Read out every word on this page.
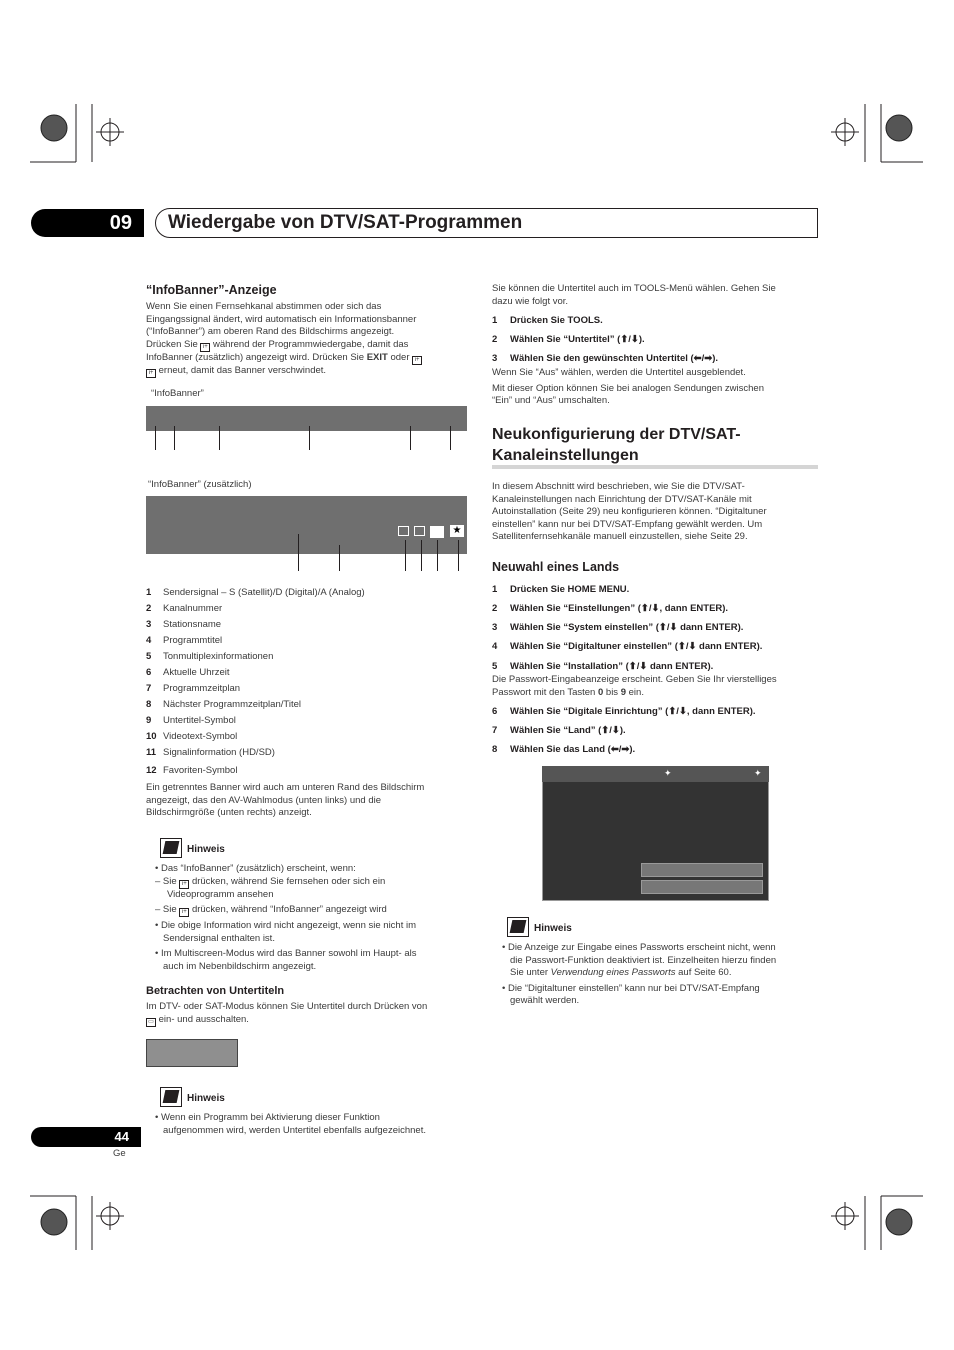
09	Wiedergabe von DTV/SAT-Programmen
“InfoBanner”-Anzeige
Wenn Sie einen Fernsehkanal abstimmen oder sich das
Eingangssignal ändert, wird automatisch ein Informationsbanner
(“InfoBanner”) am oberen Rand des Bildschirms angezeigt.
Drücken Sie i+ während der Programmwiedergabe, damit das
InfoBanner (zusätzlich) angezeigt wird. Drücken Sie EXIT oder i+
i+ erneut, damit das Banner verschwindet.
“InfoBanner”
“InfoBanner” (zusätzlich)
★
1 Sendersignal – S (Satellit)/D (Digital)/A (Analog)
2 Kanalnummer
3 Stationsname
4 Programmtitel
5 Tonmultiplexinformationen
6 Aktuelle Uhrzeit
7 Programmzeitplan
8 Nächster Programmzeitplan/Titel
9 Untertitel-Symbol
10 Videotext-Symbol
11 Signalinformation (HD/SD)
12 Favoriten-Symbol
Ein getrenntes Banner wird auch am unteren Rand des Bildschirm
angezeigt, das den AV-Wahlmodus (unten links) und die
Bildschirmgröße (unten rechts) anzeigt.
Hinweis
• Das “InfoBanner” (zusätzlich) erscheint, wenn:
– Sie i+ drücken, während Sie fernsehen oder sich ein
Videoprogramm ansehen
– Sie i+ drücken, während “InfoBanner” angezeigt wird
• Die obige Information wird nicht angezeigt, wenn sie nicht im
Sendersignal enthalten ist.
• Im Multiscreen-Modus wird das Banner sowohl im Haupt- als
auch im Nebenbildschirm angezeigt.
Betrachten von Untertiteln
Im DTV- oder SAT-Modus können Sie Untertitel durch Drücken von
▭ ein- und ausschalten.
Hinweis
• Wenn ein Programm bei Aktivierung dieser Funktion
aufgenommen wird, werden Untertitel ebenfalls aufgezeichnet.
Sie können die Untertitel auch im TOOLS-Menü wählen. Gehen Sie
dazu wie folgt vor.
1 Drücken Sie TOOLS.
2 Wählen Sie “Untertitel” (⬆/⬇).
3 Wählen Sie den gewünschten Untertitel (⬅/➡).
Wenn Sie “Aus” wählen, werden die Untertitel ausgeblendet.
Mit dieser Option können Sie bei analogen Sendungen zwischen
“Ein” und “Aus” umschalten.
Neukonfigurierung der DTV/SAT-
Kanaleinstellungen
In diesem Abschnitt wird beschrieben, wie Sie die DTV/SAT-
Kanaleinstellungen nach Einrichtung der DTV/SAT-Kanäle mit
Autoinstallation (Seite 29) neu konfigurieren können. “Digitaltuner
einstellen” kann nur bei DTV/SAT-Empfang gewählt werden. Um
Satellitenfernsehkanäle manuell einzustellen, siehe Seite 29.
Neuwahl eines Lands
1 Drücken Sie HOME MENU.
2 Wählen Sie “Einstellungen” (⬆/⬇, dann ENTER).
3 Wählen Sie “System einstellen” (⬆/⬇ dann ENTER).
4 Wählen Sie “Digitaltuner einstellen” (⬆/⬇ dann ENTER).
5 Wählen Sie “Installation” (⬆/⬇ dann ENTER).
Die Passwort-Eingabeanzeige erscheint. Geben Sie Ihr vierstelliges
Passwort mit den Tasten 0 bis 9 ein.
6 Wählen Sie “Digitale Einrichtung” (⬆/⬇, dann ENTER).
7 Wählen Sie “Land” (⬆/⬇).
8 Wählen Sie das Land (⬅/➡).
✦	✦
Hinweis
• Die Anzeige zur Eingabe eines Passworts erscheint nicht, wenn
die Passwort-Funktion deaktiviert ist. Einzelheiten hierzu finden
Sie unter Verwendung eines Passworts auf Seite 60.
• Die “Digitaltuner einstellen” kann nur bei DTV/SAT-Empfang
gewählt werden.
44
Ge
